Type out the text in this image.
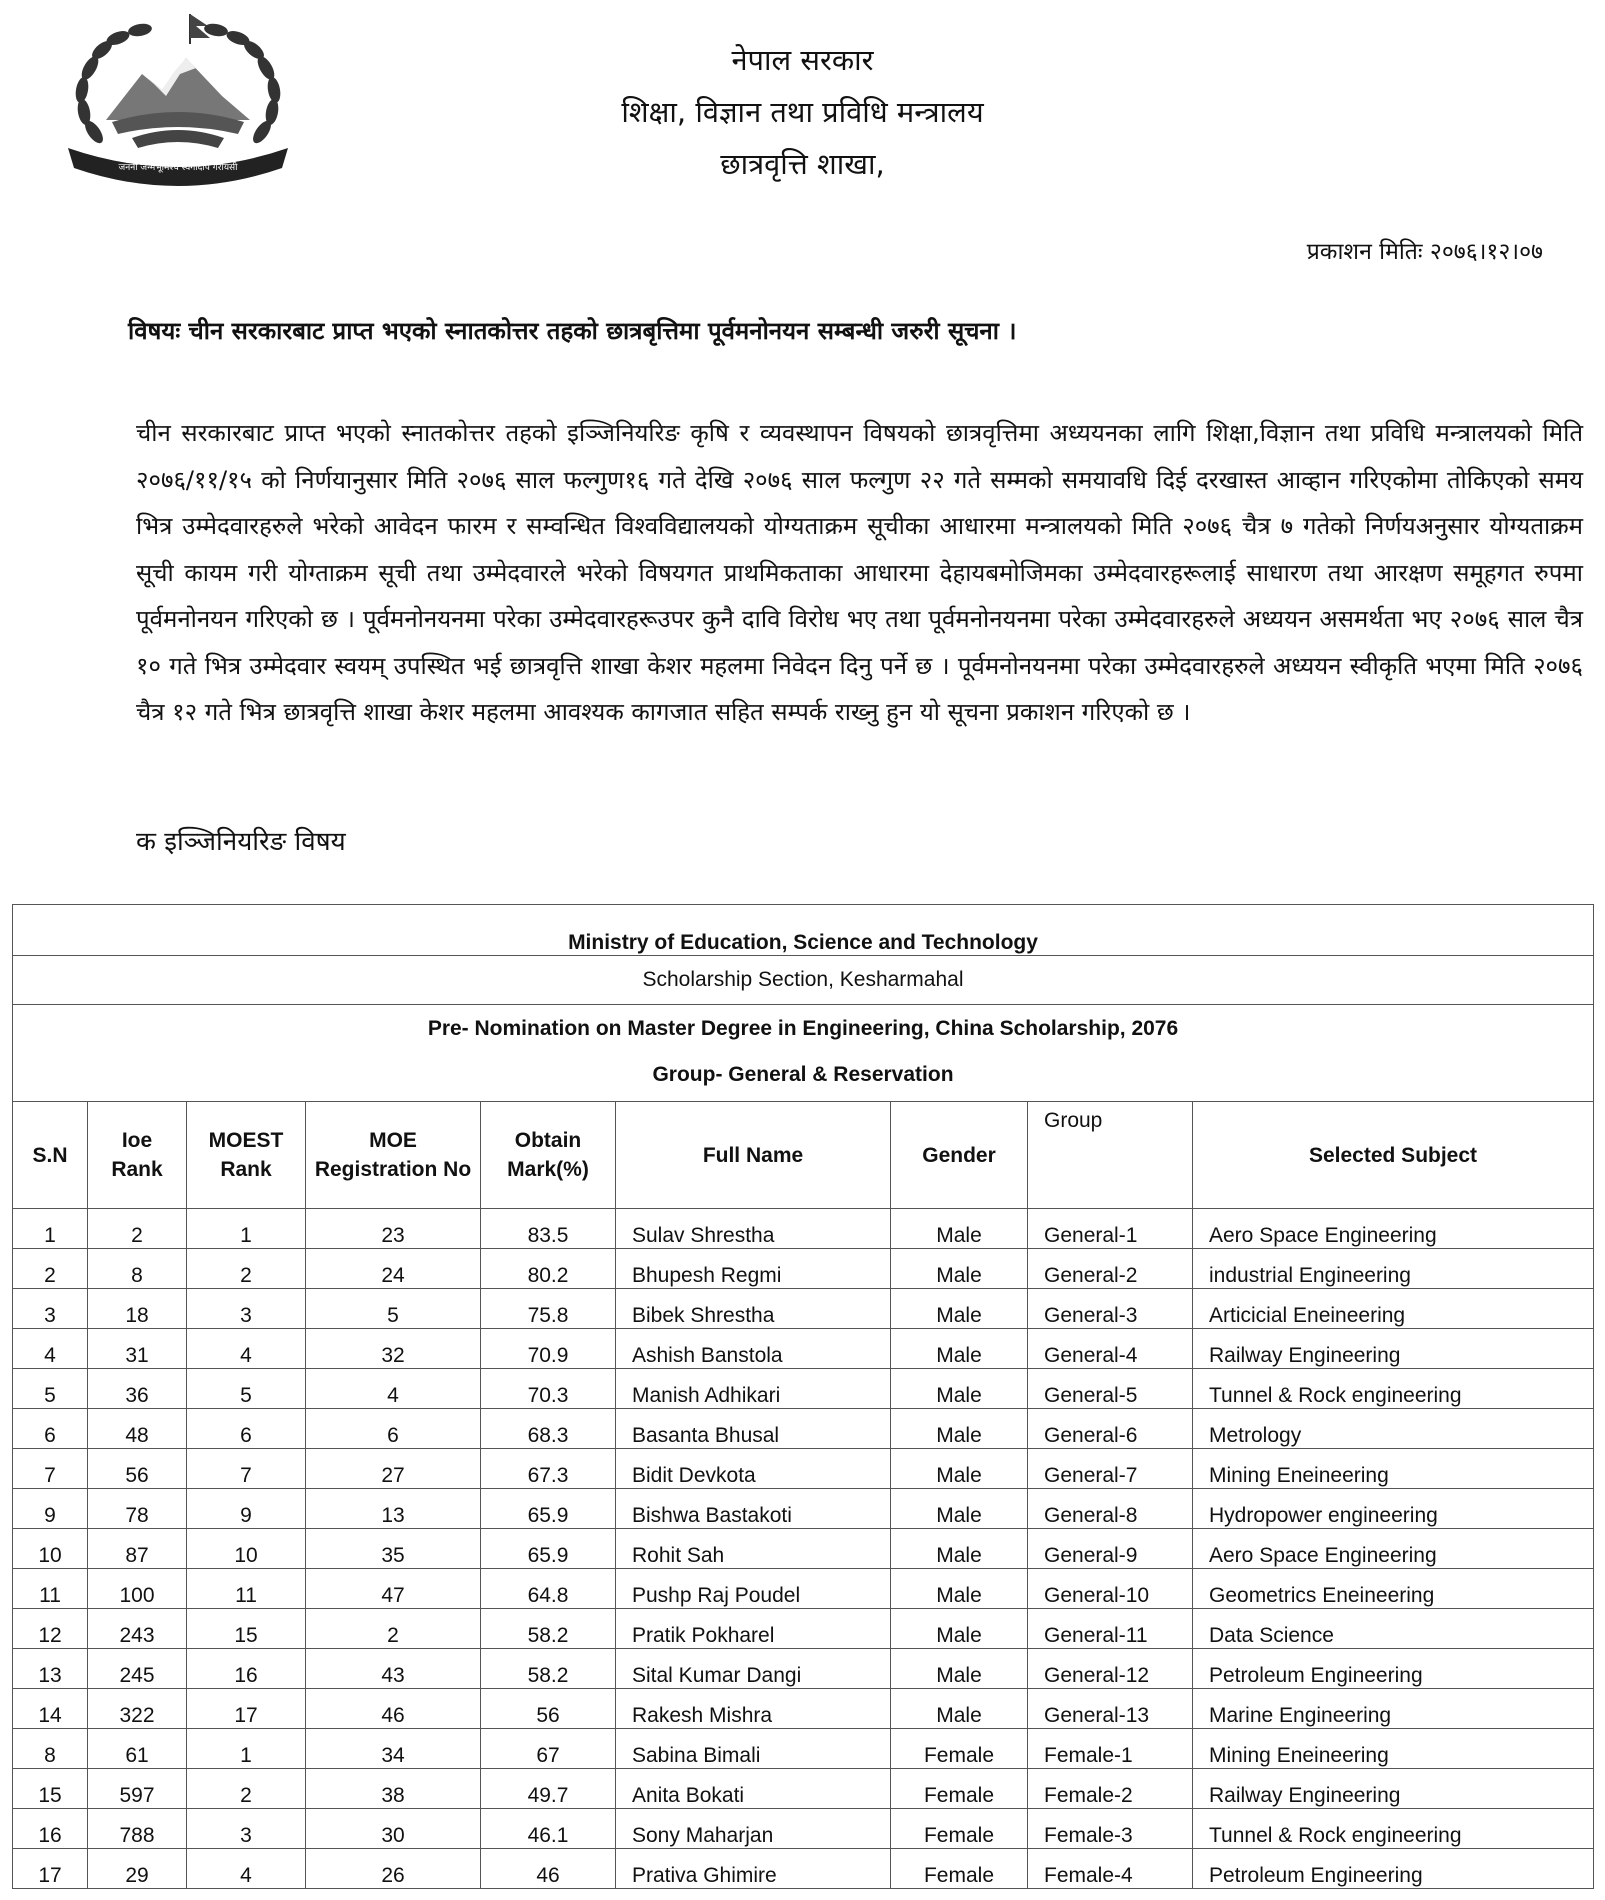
जननी जन्मभूमिश्च स्वर्गादपि गरीयसी
नेपाल सरकार
शिक्षा, विज्ञान तथा प्रविधि मन्त्रालय
छात्रवृत्ति शाखा,
प्रकाशन मितिः २०७६।१२।०७
विषयः चीन सरकारबाट प्राप्त भएको स्नातकोत्तर तहको छात्रबृत्तिमा पूर्वमनोनयन सम्बन्धी जरुरी सूचना ।
चीन सरकारबाट प्राप्त भएको स्नातकोत्तर तहको इञ्जिनियरिङ कृषि र व्यवस्थापन विषयको छात्रवृत्तिमा अध्ययनका लागि शिक्षा,विज्ञान तथा प्रविधि मन्त्रालयको मिति २०७६/११/१५ को निर्णयानुसार मिति २०७६ साल फल्गुण१६ गते देखि २०७६ साल फल्गुण २२ गते सम्मको समयावधि दिई दरखास्त आव्हान गरिएकोमा तोकिएको समय भित्र उम्मेदवारहरुले भरेको आवेदन फारम र सम्वन्धित विश्वविद्यालयको योग्यताक्रम सूचीका आधारमा मन्त्रालयको मिति २०७६ चैत्र ७ गतेको निर्णयअनुसार योग्यताक्रम सूची कायम गरी योग्ताक्रम सूची तथा उम्मेदवारले भरेको विषयगत प्राथमिकताका आधारमा देहायबमोजिमका उम्मेदवारहरूलाई साधारण तथा आरक्षण समूहगत रुपमा पूर्वमनोनयन गरिएको छ । पूर्वमनोनयनमा परेका उम्मेदवारहरूउपर कुनै दावि विरोध भए तथा पूर्वमनोनयनमा परेका उम्मेदवारहरुले अध्ययन असमर्थता भए २०७६ साल चैत्र १० गते भित्र उम्मेदवार स्वयम् उपस्थित भई छात्रवृत्ति शाखा केशर महलमा निवेदन दिनु पर्ने छ । पूर्वमनोनयनमा परेका उम्मेदवारहरुले अध्ययन स्वीकृति भएमा मिति २०७६ चैत्र १२ गते भित्र छात्रवृत्ति शाखा केशर महलमा आवश्यक कागजात सहित सम्पर्क राख्नु हुन यो सूचना प्रकाशन गरिएको छ ।
क इञ्जिनियरिङ विषय
Ministry of Education, Science and Technology								
Scholarship Section, Kesharmahal								

Pre- Nomination on Master Degree in Engineering, China Scholarship, 2076
Group- General & Reservation								

S.N	Ioe Rank	MOEST Rank	MOE Registration No	Obtain Mark(%)	Full Name	Gender	Group	Selected Subject
1	2	1	23	83.5	Sulav Shrestha	Male	General-1	Aero Space Engineering
2	8	2	24	80.2	Bhupesh Regmi	Male	General-2	industrial Engineering
3	18	3	5	75.8	Bibek Shrestha	Male	General-3	Articicial Eneineering
4	31	4	32	70.9	Ashish Banstola	Male	General-4	Railway Engineering
5	36	5	4	70.3	Manish Adhikari	Male	General-5	Tunnel & Rock engineering
6	48	6	6	68.3	Basanta Bhusal	Male	General-6	Metrology
7	56	7	27	67.3	Bidit Devkota	Male	General-7	Mining Eneineering
9	78	9	13	65.9	Bishwa Bastakoti	Male	General-8	Hydropower engineering
10	87	10	35	65.9	Rohit Sah	Male	General-9	Aero Space Engineering
11	100	11	47	64.8	Pushp Raj Poudel	Male	General-10	Geometrics Eneineering
12	243	15	2	58.2	Pratik Pokharel	Male	General-11	Data Science
13	245	16	43	58.2	Sital Kumar Dangi	Male	General-12	Petroleum Engineering
14	322	17	46	56	Rakesh Mishra	Male	General-13	Marine Engineering
8	61	1	34	67	Sabina Bimali	Female	Female-1	Mining Eneineering
15	597	2	38	49.7	Anita Bokati	Female	Female-2	Railway Engineering
16	788	3	30	46.1	Sony Maharjan	Female	Female-3	Tunnel & Rock engineering
17	29	4	26	46	Prativa Ghimire	Female	Female-4	Petroleum Engineering
